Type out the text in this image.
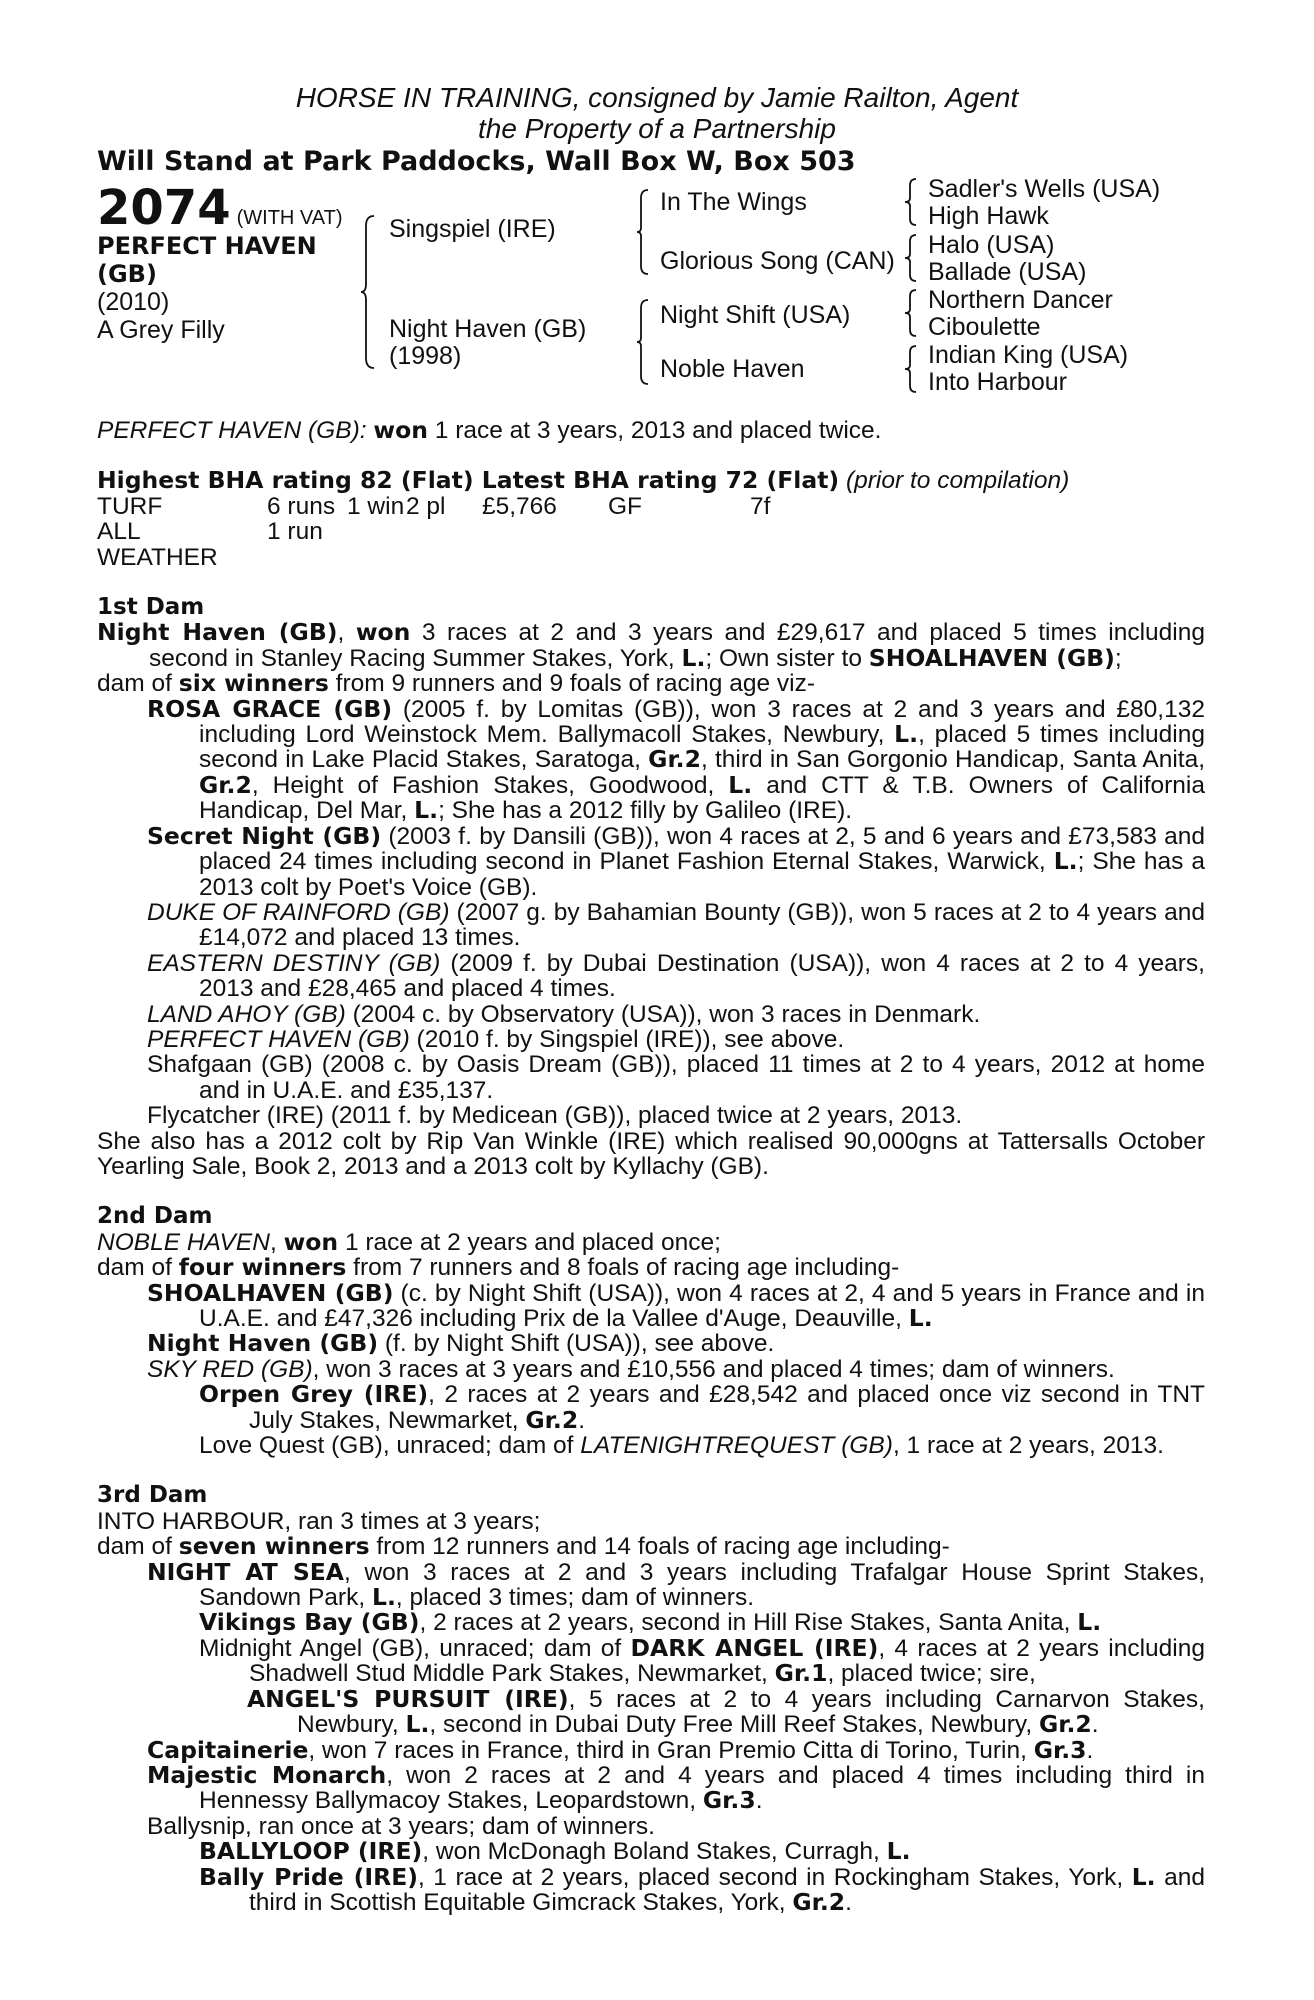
HORSE IN TRAINING, consigned by Jamie Railton, Agent
the Property of a Partnership
Will Stand at Park Paddocks, Wall Box W, Box 503
2074 (WITH VAT)
PERFECT HAVEN
(GB)
(2010)
A Grey Filly
Singspiel (IRE)
Night Haven (GB)
(1998)
In The Wings
Glorious Song (CAN)
Night Shift (USA)
Noble Haven
Sadler's Wells (USA)
High Hawk
Halo (USA)
Ballade (USA)
Northern Dancer
Ciboulette
Indian King (USA)
Into Harbour

PERFECT HAVEN (GB): won 1 race at 3 years, 2013 and placed twice.

Highest BHA rating 82 (Flat) Latest BHA rating 72 (Flat) (prior to compilation)

TURF	6 runs 1 win 2 pl	£5,766	GF	7f
ALL WEATHER
1 run

1st Dam

Night Haven (GB), won 3 races at 2 and 3 years and £29,617 and placed 5 times including second in Stanley Racing Summer Stakes, York, L.; Own sister to SHOALHAVEN (GB);

dam of six winners from 9 runners and 9 foals of racing age viz-

ROSA GRACE (GB) (2005 f. by Lomitas (GB)), won 3 races at 2 and 3 years and £80,132 including Lord Weinstock Mem. Ballymacoll Stakes, Newbury, L., placed 5 times including second in Lake Placid Stakes, Saratoga, Gr.2, third in San Gorgonio Handicap, Santa Anita, Gr.2, Height of Fashion Stakes, Goodwood, L. and CTT & T.B. Owners of California Handicap, Del Mar, L.; She has a 2012 filly by Galileo (IRE).

Secret Night (GB) (2003 f. by Dansili (GB)), won 4 races at 2, 5 and 6 years and £73,583 and placed 24 times including second in Planet Fashion Eternal Stakes, Warwick, L.; She has a 2013 colt by Poet's Voice (GB).

DUKE OF RAINFORD (GB) (2007 g. by Bahamian Bounty (GB)), won 5 races at 2 to 4 years and £14,072 and placed 13 times.

EASTERN DESTINY (GB) (2009 f. by Dubai Destination (USA)), won 4 races at 2 to 4 years, 2013 and £28,465 and placed 4 times.

LAND AHOY (GB) (2004 c. by Observatory (USA)), won 3 races in Denmark.

PERFECT HAVEN (GB) (2010 f. by Singspiel (IRE)), see above.

Shafgaan (GB) (2008 c. by Oasis Dream (GB)), placed 11 times at 2 to 4 years, 2012 at home and in U.A.E. and £35,137.

Flycatcher (IRE) (2011 f. by Medicean (GB)), placed twice at 2 years, 2013.

She also has a 2012 colt by Rip Van Winkle (IRE) which realised 90,000gns at Tattersalls October Yearling Sale, Book 2, 2013 and a 2013 colt by Kyllachy (GB).

2nd Dam

NOBLE HAVEN, won 1 race at 2 years and placed once;

dam of four winners from 7 runners and 8 foals of racing age including-

SHOALHAVEN (GB) (c. by Night Shift (USA)), won 4 races at 2, 4 and 5 years in France and in U.A.E. and £47,326 including Prix de la Vallee d'Auge, Deauville, L.

Night Haven (GB) (f. by Night Shift (USA)), see above.

SKY RED (GB), won 3 races at 3 years and £10,556 and placed 4 times; dam of winners.

Orpen Grey (IRE), 2 races at 2 years and £28,542 and placed once viz second in TNT July Stakes, Newmarket, Gr.2.

Love Quest (GB), unraced; dam of LATENIGHTREQUEST (GB), 1 race at 2 years, 2013.

3rd Dam

INTO HARBOUR, ran 3 times at 3 years;

dam of seven winners from 12 runners and 14 foals of racing age including-

NIGHT AT SEA, won 3 races at 2 and 3 years including Trafalgar House Sprint Stakes, Sandown Park, L., placed 3 times; dam of winners.

Vikings Bay (GB), 2 races at 2 years, second in Hill Rise Stakes, Santa Anita, L.

Midnight Angel (GB), unraced; dam of DARK ANGEL (IRE), 4 races at 2 years including Shadwell Stud Middle Park Stakes, Newmarket, Gr.1, placed twice; sire,

ANGEL'S PURSUIT (IRE), 5 races at 2 to 4 years including Carnarvon Stakes, Newbury, L., second in Dubai Duty Free Mill Reef Stakes, Newbury, Gr.2.

Capitainerie, won 7 races in France, third in Gran Premio Citta di Torino, Turin, Gr.3.

Majestic Monarch, won 2 races at 2 and 4 years and placed 4 times including third in Hennessy Ballymacoy Stakes, Leopardstown, Gr.3.

Ballysnip, ran once at 3 years; dam of winners.

BALLYLOOP (IRE), won McDonagh Boland Stakes, Curragh, L.

Bally Pride (IRE), 1 race at 2 years, placed second in Rockingham Stakes, York, L. and third in Scottish Equitable Gimcrack Stakes, York, Gr.2.
